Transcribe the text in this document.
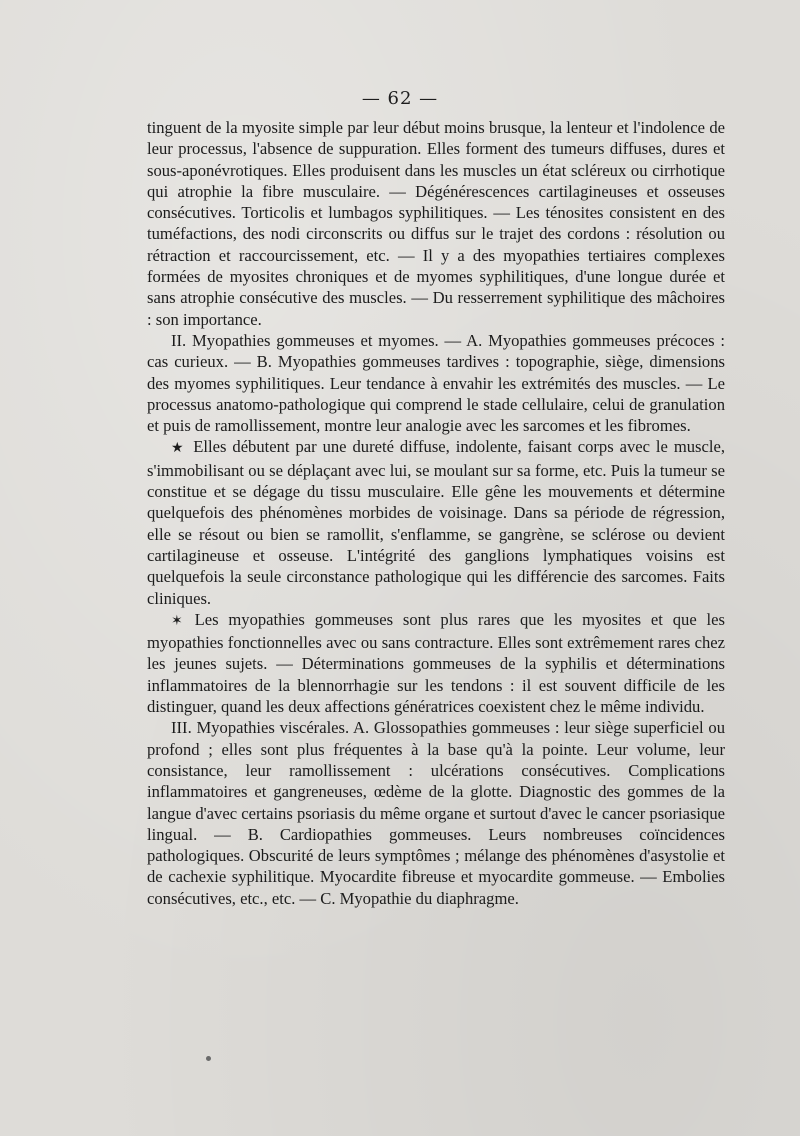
— 62 —

tinguent de la myosite simple par leur début moins brusque, la lenteur et l'indolence de leur processus, l'absence de suppuration. Elles forment des tumeurs diffuses, dures et sous-aponévrotiques. Elles produisent dans les muscles un état scléreux ou cirrhotique qui atrophie la fibre musculaire. — Dégénérescences cartilagineuses et osseuses consécutives. Torticolis et lumbagos syphilitiques. — Les ténosites consistent en des tuméfactions, des nodi circonscrits ou diffus sur le trajet des cordons : résolution ou rétraction et raccourcissement, etc. — Il y a des myopathies tertiaires complexes formées de myosites chroniques et de myomes syphilitiques, d'une longue durée et sans atrophie consécutive des muscles. — Du resserrement syphilitique des mâchoires : son importance.

II. Myopathies gommeuses et myomes. — A. Myopathies gommeuses précoces : cas curieux. — B. Myopathies gommeuses tardives : topographie, siège, dimensions des myomes syphilitiques. Leur tendance à envahir les extrémités des muscles. — Le processus anatomo-pathologique qui comprend le stade cellulaire, celui de granulation et puis de ramollissement, montre leur analogie avec les sarcomes et les fibromes.

★ Elles débutent par une dureté diffuse, indolente, faisant corps avec le muscle, s'immobilisant ou se déplaçant avec lui, se moulant sur sa forme, etc. Puis la tumeur se constitue et se dégage du tissu musculaire. Elle gêne les mouvements et détermine quelquefois des phénomènes morbides de voisinage. Dans sa période de régression, elle se résout ou bien se ramollit, s'enflamme, se gangrène, se sclérose ou devient cartilagineuse et osseuse. L'intégrité des ganglions lymphatiques voisins est quelquefois la seule circonstance pathologique qui les différencie des sarcomes. Faits cliniques.

✶ Les myopathies gommeuses sont plus rares que les myosites et que les myopathies fonctionnelles avec ou sans contracture. Elles sont extrêmement rares chez les jeunes sujets. — Déterminations gommeuses de la syphilis et déterminations inflammatoires de la blennorrhagie sur les tendons : il est souvent difficile de les distinguer, quand les deux affections génératrices coexistent chez le même individu.

III. Myopathies viscérales. A. Glossopathies gommeuses : leur siège superficiel ou profond ; elles sont plus fréquentes à la base qu'à la pointe. Leur volume, leur consistance, leur ramollissement : ulcérations consécutives. Complications inflammatoires et gangreneuses, œdème de la glotte. Diagnostic des gommes de la langue d'avec certains psoriasis du même organe et surtout d'avec le cancer psoriasique lingual. — B. Cardiopathies gommeuses. Leurs nombreuses coïncidences pathologiques. Obscurité de leurs symptômes ; mélange des phénomènes d'asystolie et de cachexie syphilitique. Myocardite fibreuse et myocardite gommeuse. — Embolies consécutives, etc., etc. — C. Myopathie du diaphragme.
